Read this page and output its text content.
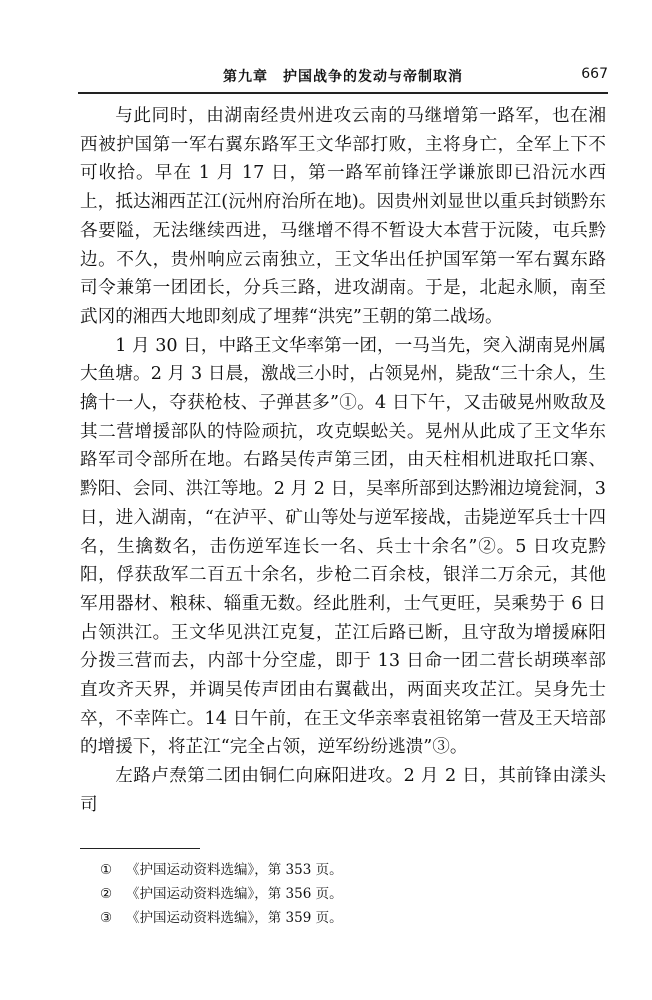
第九章　护国战争的发动与帝制取消	667

与此同时，由湖南经贵州进攻云南的马继增第一路军，也在湘西被护国第一军右翼东路军王文华部打败，主将身亡，全军上下不可收拾。早在 1 月 17 日，第一路军前锋汪学谦旅即已沿沅水西上，抵达湘西芷江(沅州府治所在地)。因贵州刘显世以重兵封锁黔东各要隘，无法继续西进，马继增不得不暂设大本营于沅陵，屯兵黔边。不久，贵州响应云南独立，王文华出任护国军第一军右翼东路司令兼第一团团长，分兵三路，进攻湖南。于是，北起永顺，南至武冈的湘西大地即刻成了埋葬“洪宪”王朝的第二战场。

1 月 30 日，中路王文华率第一团，一马当先，突入湖南晃州属大鱼塘。2 月 3 日晨，激战三小时，占领晃州，毙敌“三十余人，生擒十一人，夺获枪枝、子弹甚多”①。4 日下午，又击破晃州败敌及其二营增援部队的恃险顽抗，攻克蜈蚣关。晃州从此成了王文华东路军司令部所在地。右路吴传声第三团，由天柱相机进取托口寨、黔阳、会同、洪江等地。2 月 2 日，吴率所部到达黔湘边境瓮洞，3 日，进入湖南，“在泸平、矿山等处与逆军接战，击毙逆军兵士十四名，生擒数名，击伤逆军连长一名、兵士十余名”②。5 日攻克黔阳，俘获敌军二百五十余名，步枪二百余枝，银洋二万余元，其他军用器材、粮秣、辎重无数。经此胜利，士气更旺，吴乘势于 6 日占领洪江。王文华见洪江克复，芷江后路已断，且守敌为增援麻阳分拨三营而去，内部十分空虚，即于 13 日命一团二营长胡瑛率部直攻齐天界，并调吴传声团由右翼截出，两面夹攻芷江。吴身先士卒，不幸阵亡。14 日午前，在王文华亲率袁祖铭第一营及王天培部的增援下，将芷江“完全占领，逆军纷纷逃溃”③。

左路卢焘第二团由铜仁向麻阳进攻。2 月 2 日，其前锋由漾头司

① 《护国运动资料选编》，第 353 页。
② 《护国运动资料选编》，第 356 页。
③ 《护国运动资料选编》，第 359 页。
